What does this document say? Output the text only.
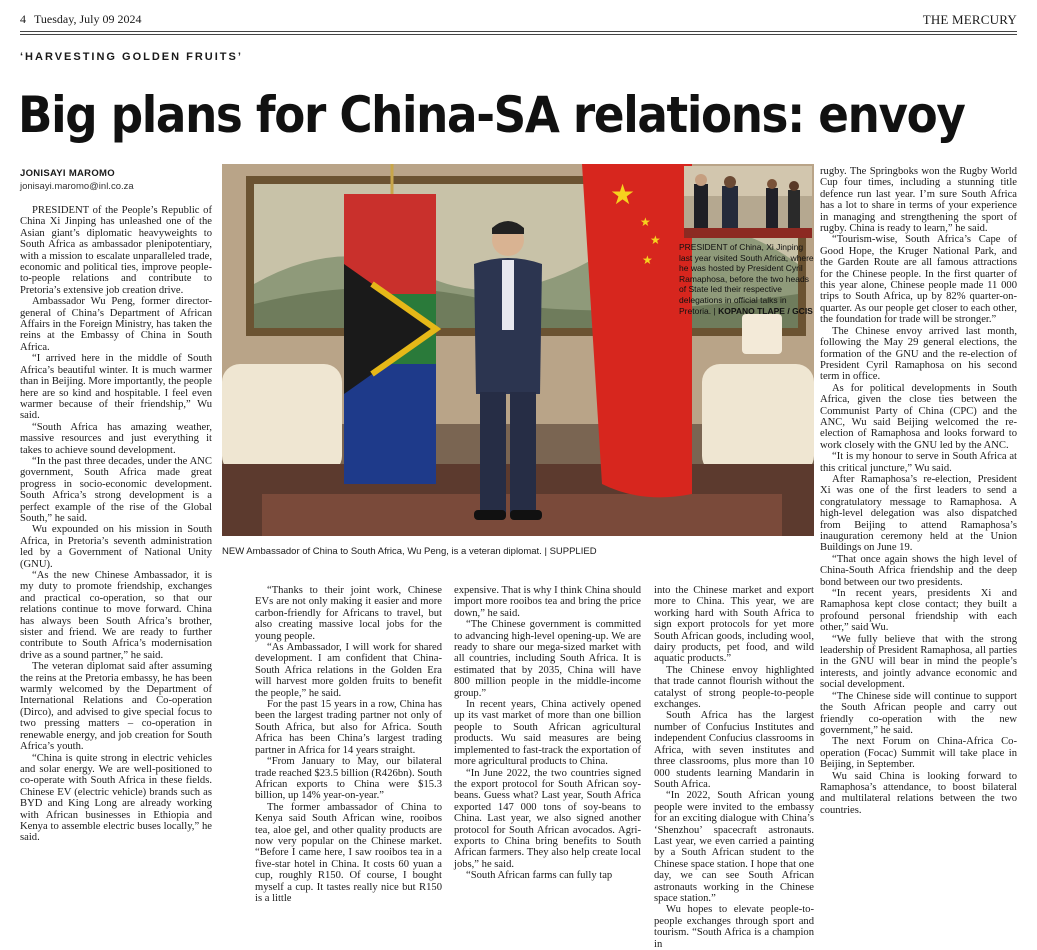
4 Tuesday, July 09 2024	THE MERCURY
‘HARVESTING GOLDEN FRUITS’
Big plans for China-SA relations: envoy
JONISAYI MAROMO
jonisayi.maromo@inl.co.za	★
★
★
★
PRESIDENT of China, Xi Jinping last year visited South Africa, where he was hosted by President Cyril Ramaphosa, before the two heads of State led their respective delegations in official talks in Pretoria. | KOPANO TLAPE / GCIS
NEW Ambassador of China to South Africa, Wu Peng, is a veteran diplomat. | SUPPLIED

PRESIDENT of the People’s Republic of China Xi Jinping has unleashed one of the Asian giant’s diplomatic heavyweights to South Africa as ambassador plenipotentiary, with a mission to escalate unparalleled trade, economic and political ties, improve people-to-people relations and contribute to Pretoria’s extensive job creation drive.

Ambassador Wu Peng, former director-general of China’s Department of African Affairs in the Foreign Ministry, has taken the reins at the Embassy of China in South Africa.

“I arrived here in the middle of South Africa’s beautiful winter. It is much warmer than in Beijing. More importantly, the people here are so kind and hospitable. I feel even warmer because of their friendship,” Wu said.

“South Africa has amazing weather, massive resources and just everything it takes to achieve sound development.

“In the past three decades, under the ANC government, South Africa made great progress in socio-economic development. South Africa’s strong development is a perfect example of the rise of the Global South,” he said.

Wu expounded on his mission in South Africa, in Pretoria’s seventh administration led by a Government of National Unity (GNU).

“As the new Chinese Ambassador, it is my duty to promote friendship, exchanges and practical co-operation, so that our relations continue to move forward. China has always been South Africa’s brother, sister and friend. We are ready to further contribute to South Africa’s modernisation drive as a sound partner,” he said.

The veteran diplomat said after assuming the reins at the Pretoria embassy, he has been warmly welcomed by the Department of International Relations and Co-operation (Dirco), and advised to give special focus to two pressing matters – co-operation in renewable energy, and job creation for South Africa’s youth.

“China is quite strong in electric vehicles and solar energy. We are well-positioned to co-operate with South Africa in these fields. Chinese EV (electric vehicle) brands such as BYD and King Long are already working with African businesses in Ethiopia and Kenya to assemble electric buses locally,” he said.

“Thanks to their joint work, Chinese EVs are not only making it easier and more carbon-friendly for Africans to travel, but also creating massive local jobs for the young people.

“As Ambassador, I will work for shared development. I am confident that China-South Africa relations in the Golden Era will harvest more golden fruits to benefit the people,” he said.

For the past 15 years in a row, China has been the largest trading partner not only of South Africa, but also for Africa. South Africa has been China’s largest trading partner in Africa for 14 years straight.

“From January to May, our bilateral trade reached $23.5 billion (R426bn). South African exports to China were $15.3 billion, up 14% year-on-year.”

The former ambassador of China to Kenya said South African wine, rooibos tea, aloe gel, and other quality products are now very popular on the Chinese market. “Before I came here, I saw rooibos tea in a five-star hotel in China. It costs 60 yuan a cup, roughly R150. Of course, I bought myself a cup. It tastes really nice but R150 is a little

expensive. That is why I think China should import more rooibos tea and bring the price down,” he said.

“The Chinese government is committed to advancing high-level opening-up. We are ready to share our mega-sized market with all countries, including South Africa. It is estimated that by 2035, China will have 800 million people in the middle-income group.”

In recent years, China actively opened up its vast market of more than one billion people to South African agricultural products. Wu said measures are being implemented to fast-track the exportation of more agricultural products to China.

“In June 2022, the two countries signed the export protocol for South African soy-beans. Guess what? Last year, South Africa exported 147 000 tons of soy-beans to China. Last year, we also signed another protocol for South African avocados. Agri-exports to China bring benefits to South African farmers. They also help create local jobs,” he said.

“South African farms can fully tap

into the Chinese market and export more to China. This year, we are working hard with South Africa to sign export protocols for yet more South African goods, including wool, dairy products, pet food, and wild aquatic products.”

The Chinese envoy highlighted that trade cannot flourish without the catalyst of strong people-to-people exchanges.

South Africa has the largest number of Confucius Institutes and independent Confucius classrooms in Africa, with seven institutes and three classrooms, plus more than 10 000 students learning Mandarin in South Africa.

“In 2022, South African young people were invited to the embassy for an exciting dialogue with China’s ‘Shenzhou’ spacecraft astronauts. Last year, we even carried a painting by a South African student to the Chinese space station. I hope that one day, we can see South African astronauts working in the Chinese space station.”

Wu hopes to elevate people-to-people exchanges through sport and tourism. “South Africa is a champion in

rugby. The Springboks won the Rugby World Cup four times, including a stunning title defence run last year. I’m sure South Africa has a lot to share in terms of your experience in managing and strengthening the sport of rugby. China is ready to learn,” he said.

“Tourism-wise, South Africa’s Cape of Good Hope, the Kruger National Park, and the Garden Route are all famous attractions for the Chinese people. In the first quarter of this year alone, Chinese people made 11 000 trips to South Africa, up by 82% quarter-on-quarter. As our people get closer to each other, the foundation for trade will be stronger.”

The Chinese envoy arrived last month, following the May 29 general elections, the formation of the GNU and the re-election of President Cyril Ramaphosa on his second term in office.

As for political developments in South Africa, given the close ties between the Communist Party of China (CPC) and the ANC, Wu said Beijing welcomed the re-election of Ramaphosa and looks forward to work closely with the GNU led by the ANC.

“It is my honour to serve in South Africa at this critical juncture,” Wu said.

After Ramaphosa’s re-election, President Xi was one of the first leaders to send a congratulatory message to Ramaphosa. A high-level delegation was also dispatched from Beijing to attend Ramaphosa’s inauguration ceremony held at the Union Buildings on June 19.

“That once again shows the high level of China-South Africa friendship and the deep bond between our two presidents.

“In recent years, presidents Xi and Ramaphosa kept close contact; they built a profound personal friendship with each other,” said Wu.

“We fully believe that with the strong leadership of President Ramaphosa, all parties in the GNU will bear in mind the people’s interests, and jointly advance economic and social development.

“The Chinese side will continue to support the South African people and carry out friendly co-operation with the new government,” he said.

The next Forum on China-Africa Co-operation (Focac) Summit will take place in Beijing, in September.

Wu said China is looking forward to Ramaphosa’s attendance, to boost bilateral and multilateral relations between the two countries.
